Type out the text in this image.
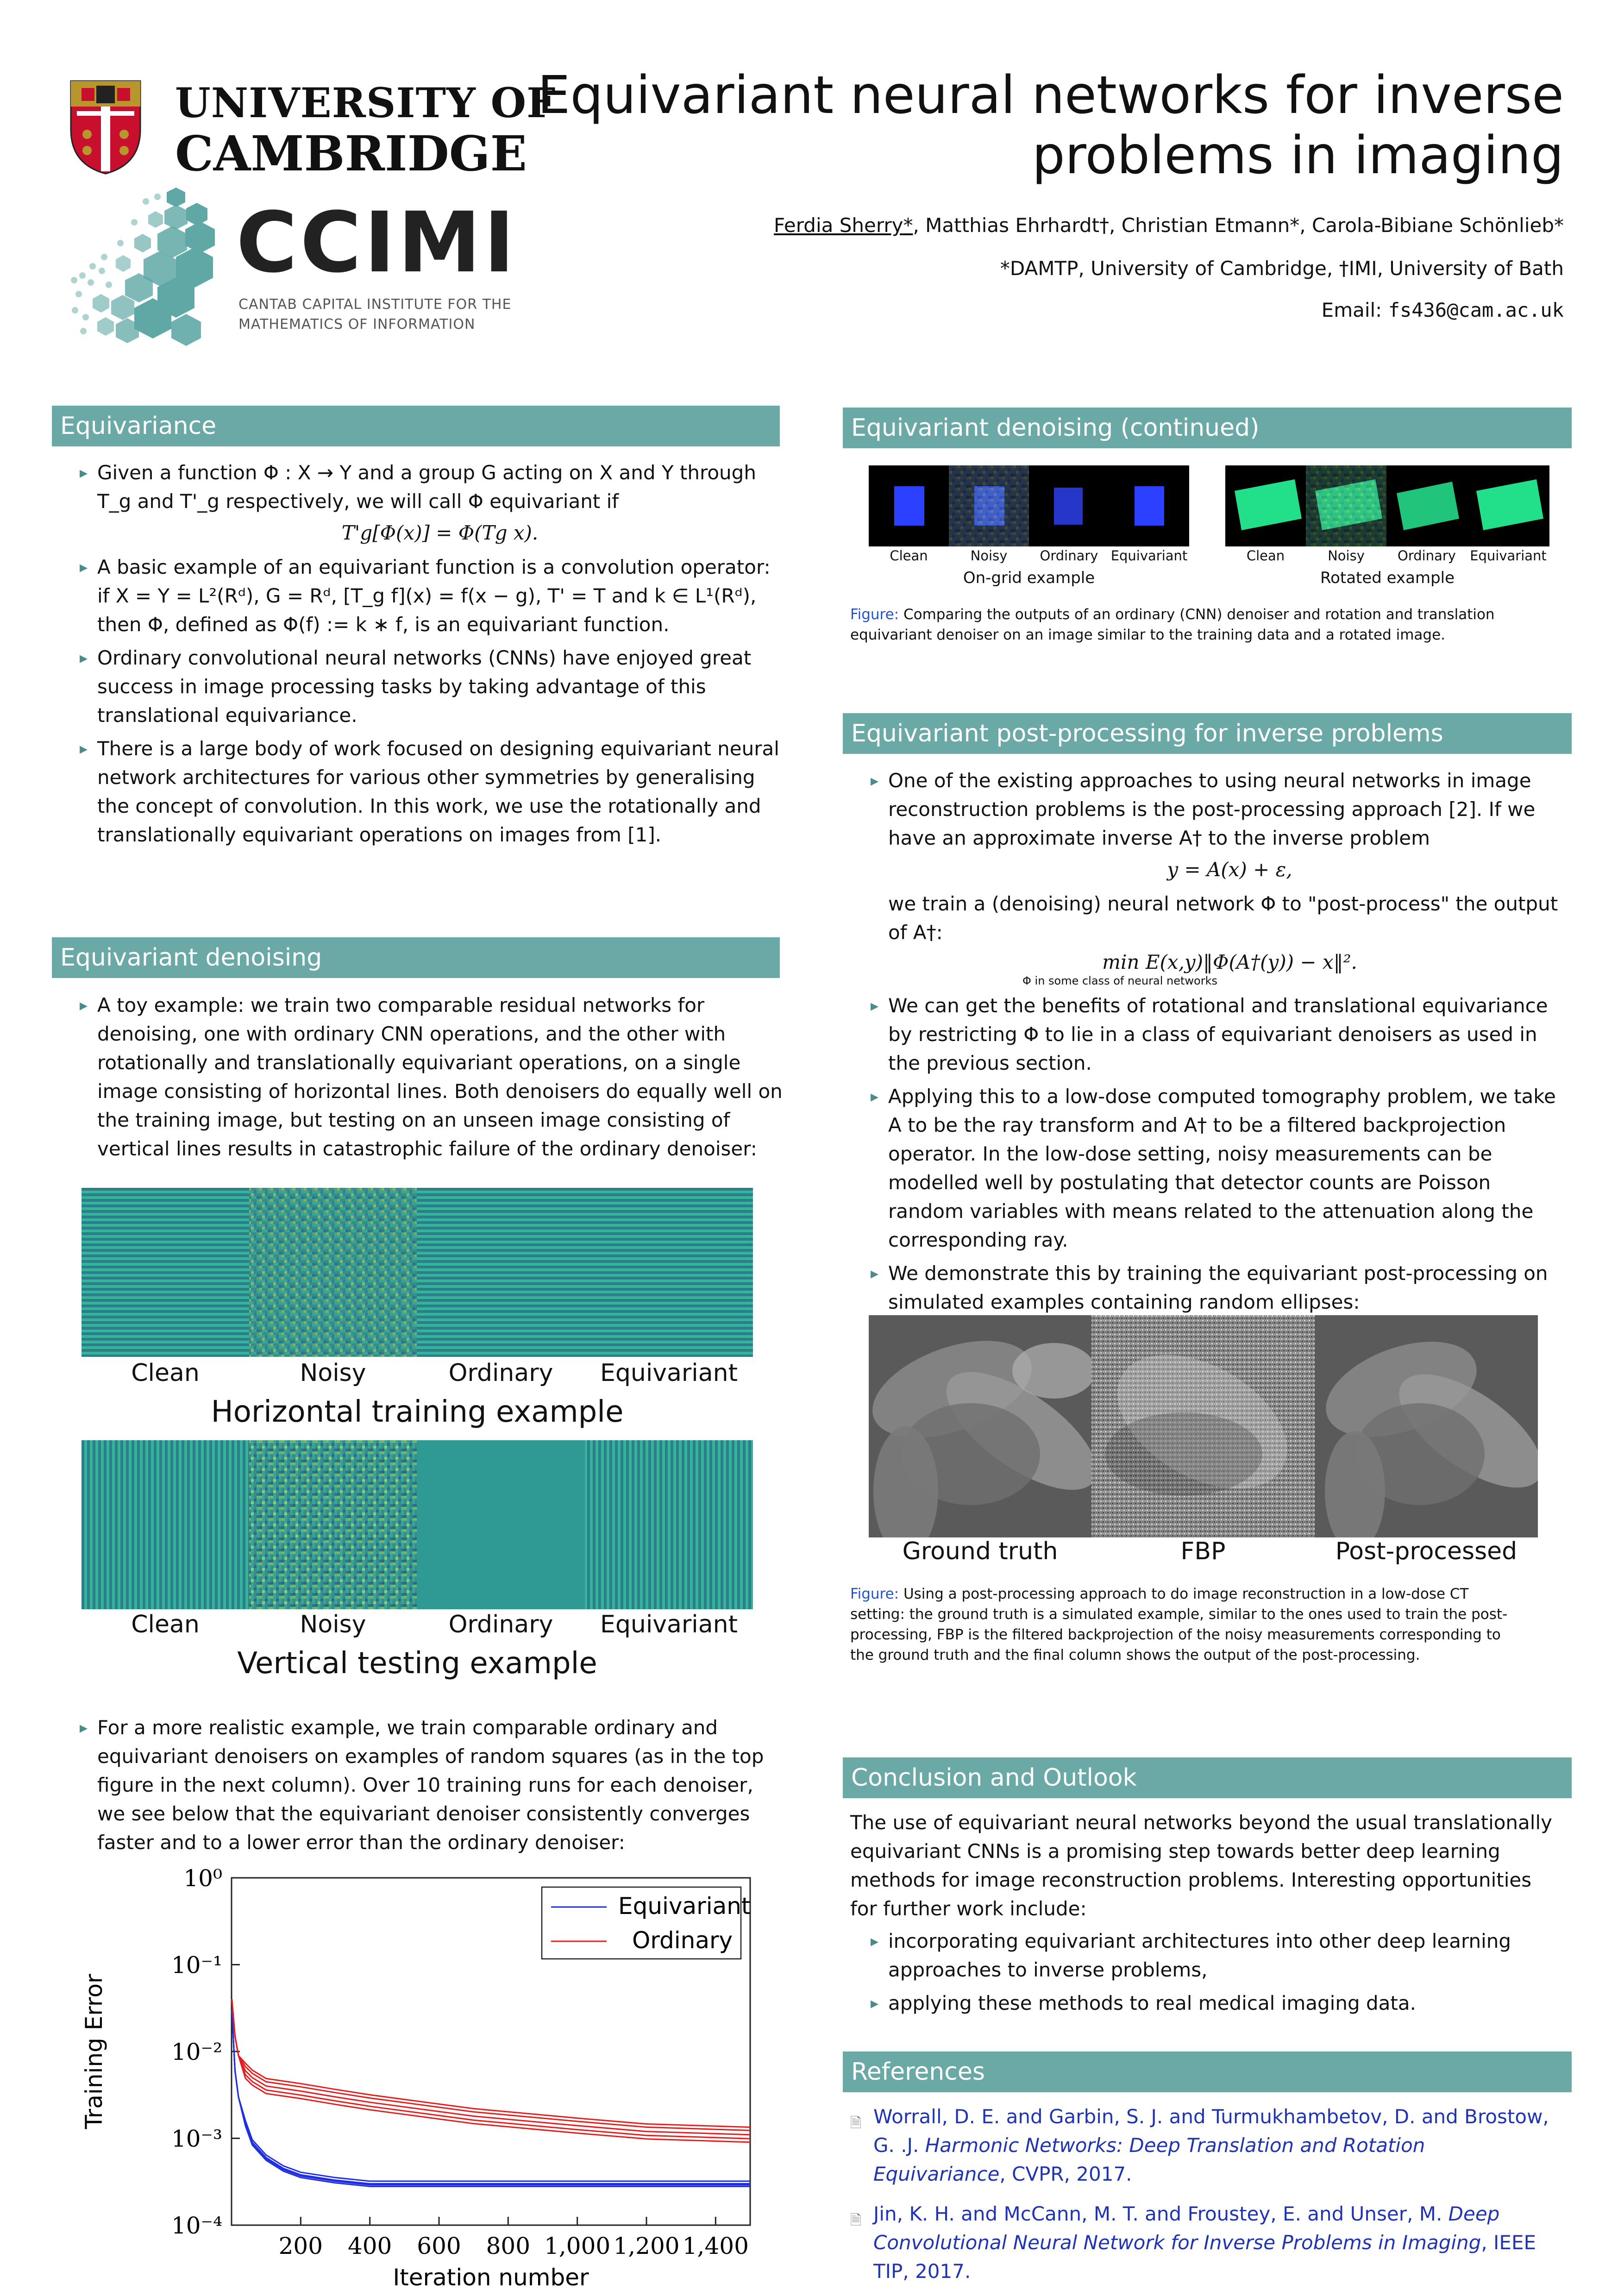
UNIVERSITY OF
CAMBRIDGE
CCIMI
CANTAB CAPITAL INSTITUTE FOR THE
MATHEMATICS OF INFORMATION
Equivariant neural networks for inverse
problems in imaging
Ferdia Sherry*, Matthias Ehrhardt†, Christian Etmann*, Carola-Bibiane Schönlieb*
*DAMTP, University of Cambridge, †IMI, University of Bath
Email: fs436@cam.ac.uk
Equivariance
▸ Given a function Φ : X → Y and a group G acting on X and Y through T_g and T'_g respectively, we will call Φ equivariant if
T'g[Φ(x)] = Φ(Tg x).
▸ A basic example of an equivariant function is a convolution operator: if X = Y = L²(Rᵈ), G = Rᵈ, [T_g f](x) = f(x − g), T' = T and k ∈ L¹(Rᵈ), then Φ, defined as Φ(f) := k ∗ f, is an equivariant function.
▸ Ordinary convolutional neural networks (CNNs) have enjoyed great success in image processing tasks by taking advantage of this translational equivariance.
▸ There is a large body of work focused on designing equivariant neural network architectures for various other symmetries by generalising the concept of convolution. In this work, we use the rotationally and translationally equivariant operations on images from [1].
Equivariant denoising
▸ A toy example: we train two comparable residual networks for denoising, one with ordinary CNN operations, and the other with rotationally and translationally equivariant operations, on a single image consisting of horizontal lines. Both denoisers do equally well on the training image, but testing on an unseen image consisting of vertical lines results in catastrophic failure of the ordinary denoiser:
Clean	Noisy	Ordinary	Equivariant
Horizontal training example
Clean	Noisy	Ordinary	Equivariant
Vertical testing example
▸ For a more realistic example, we train comparable ordinary and equivariant denoisers on examples of random squares (as in the top figure in the next column). Over 10 training runs for each denoiser, we see below that the equivariant denoiser consistently converges faster and to a lower error than the ordinary denoiser:
10⁰
10⁻¹
10⁻²
10⁻³
10⁻⁴
200 400 600 800 1,000 1,200 1,400
Equivariant
Ordinary
Iteration number
Training Error
Equivariant denoising (continued)
Clean	Noisy	Ordinary Equivariant	Clean	Noisy	Ordinary	Equivariant
On-grid example	Rotated example
Figure: Comparing the outputs of an ordinary (CNN) denoiser and rotation and translation equivariant denoiser on an image similar to the training data and a rotated image.
Equivariant post-processing for inverse problems
▸ One of the existing approaches to using neural networks in image reconstruction problems is the post-processing approach [2]. If we have an approximate inverse A† to the inverse problem
y = A(x) + ε,
we train a (denoising) neural network Φ to "post-process" the output of A†:
min E(x,y)‖Φ(A†(y)) − x‖².
Φ in some class of neural networks
▸ We can get the benefits of rotational and translational equivariance by restricting Φ to lie in a class of equivariant denoisers as used in the previous section.
▸ Applying this to a low-dose computed tomography problem, we take A to be the ray transform and A† to be a filtered backprojection operator. In the low-dose setting, noisy measurements can be modelled well by postulating that detector counts are Poisson random variables with means related to the attenuation along the corresponding ray.
▸ We demonstrate this by training the equivariant post-processing on simulated examples containing random ellipses:
Ground truth	FBP	Post-processed
Figure: Using a post-processing approach to do image reconstruction in a low-dose CT setting: the ground truth is a simulated example, similar to the ones used to train the post-processing, FBP is the filtered backprojection of the noisy measurements corresponding to the ground truth and the final column shows the output of the post-processing.
Conclusion and Outlook
The use of equivariant neural networks beyond the usual translationally equivariant CNNs is a promising step towards better deep learning methods for image reconstruction problems. Interesting opportunities for further work include:
▸ incorporating equivariant architectures into other deep learning approaches to inverse problems,
▸ applying these methods to real medical imaging data.
References
🗎 Worrall, D. E. and Garbin, S. J. and Turmukhambetov, D. and Brostow, G. .J. Harmonic Networks: Deep Translation and Rotation Equivariance, CVPR, 2017.
🗎 Jin, K. H. and McCann, M. T. and Froustey, E. and Unser, M. Deep Convolutional Neural Network for Inverse Problems in Imaging, IEEE TIP, 2017.
